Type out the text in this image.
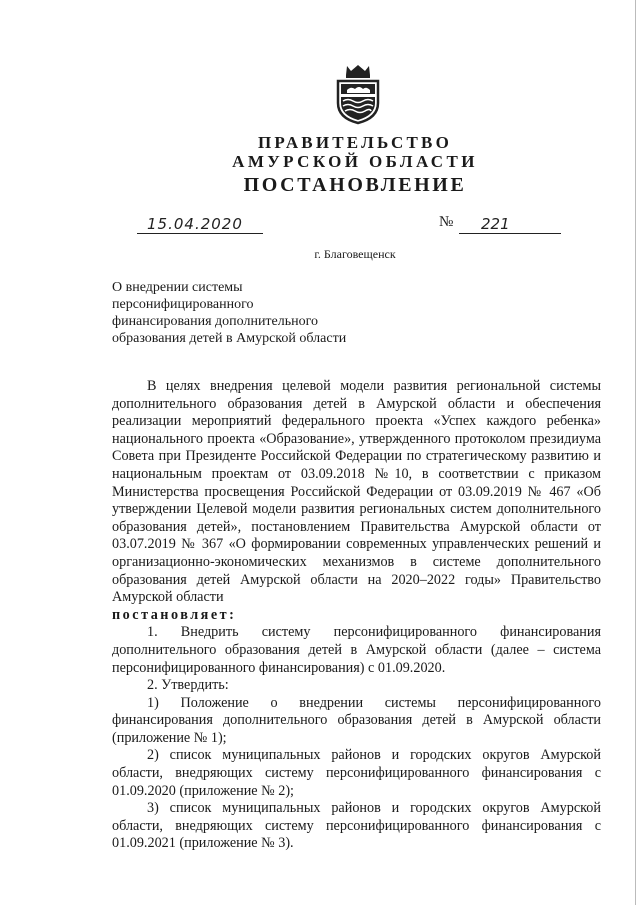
ПРАВИТЕЛЬСТВО
АМУРСКОЙ ОБЛАСТИ
ПОСТАНОВЛЕНИЕ
15.04.2020	№ 221
г. Благовещенск
О внедрении системы персонифицированного финансирования дополнительного образования детей в Амурской области

В целях внедрения целевой модели развития региональной системы дополнительного образования детей в Амурской области и обеспечения реализации мероприятий федерального проекта «Успех каждого ребенка» национального проекта «Образование», утвержденного протоколом президиума Совета при Президенте Российской Федерации по стратегическому развитию и национальным проектам от 03.09.2018 №10, в соответствии с приказом Министерства просвещения Российской Федерации от 03.09.2019 № 467 «Об утверждении Целевой модели развития региональных систем дополнительного образования детей», постановлением Правительства Амурской области от 03.07.2019 № 367 «О формировании современных управленческих решений и организационно-экономических механизмов в системе дополнительного образования детей Амурской области на 2020–2022 годы» Правительство Амурской области

постановляет:

1. Внедрить систему персонифицированного финансирования дополнительного образования детей в Амурской области (далее – система персонифицированного финансирования) с 01.09.2020.

2. Утвердить:

1) Положение о внедрении системы персонифицированного финансирования дополнительного образования детей в Амурской области (приложение № 1);

2) список муниципальных районов и городских округов Амурской области, внедряющих систему персонифицированного финансирования с 01.09.2020 (приложение № 2);

3) список муниципальных районов и городских округов Амурской области, внедряющих систему персонифицированного финансирования с 01.09.2021 (приложение № 3).
